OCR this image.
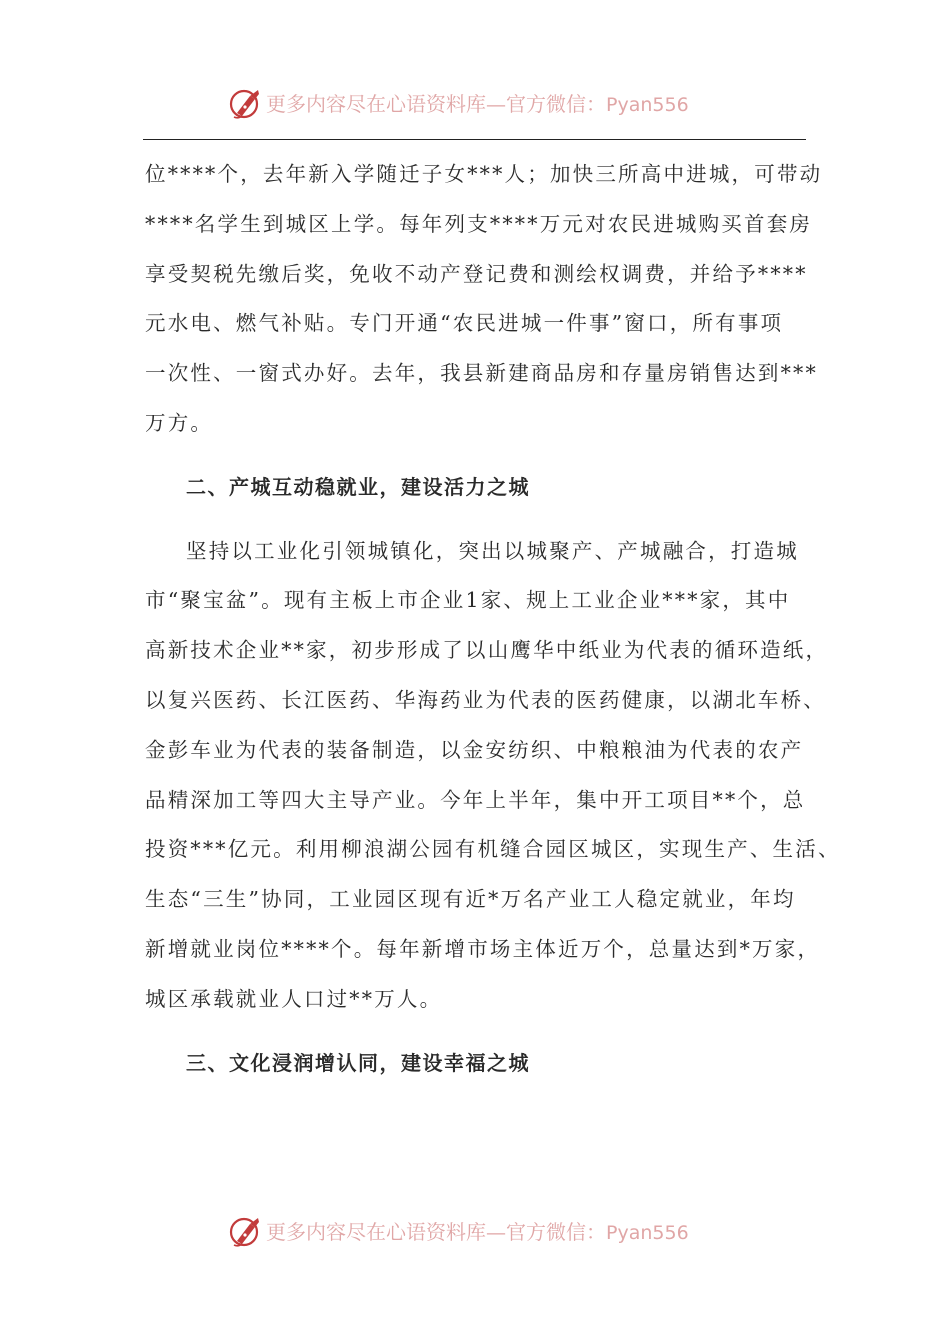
更多内容尽在心语资料库—官方微信：Pyan556
位****个，去年新入学随迁子女***人；加快三所高中进城，可带动
****名学生到城区上学。每年列支****万元对农民进城购买首套房
享受契税先缴后奖，免收不动产登记费和测绘权调费，并给予****
元水电、燃气补贴。专门开通“农民进城一件事”窗口，所有事项
一次性、一窗式办好。去年，我县新建商品房和存量房销售达到***
万方。
二、产城互动稳就业，建设活力之城
坚持以工业化引领城镇化，突出以城聚产、产城融合，打造城
市“聚宝盆”。现有主板上市企业1家、规上工业企业***家，其中
高新技术企业**家，初步形成了以山鹰华中纸业为代表的循环造纸，
以复兴医药、长江医药、华海药业为代表的医药健康，以湖北车桥、
金彭车业为代表的装备制造，以金安纺织、中粮粮油为代表的农产
品精深加工等四大主导产业。今年上半年，集中开工项目**个，总
投资***亿元。利用柳浪湖公园有机缝合园区城区，实现生产、生活、
生态“三生”协同，工业园区现有近*万名产业工人稳定就业，年均
新增就业岗位****个。每年新增市场主体近万个，总量达到*万家，
城区承载就业人口过**万人。
三、文化浸润增认同，建设幸福之城
更多内容尽在心语资料库—官方微信：Pyan556
